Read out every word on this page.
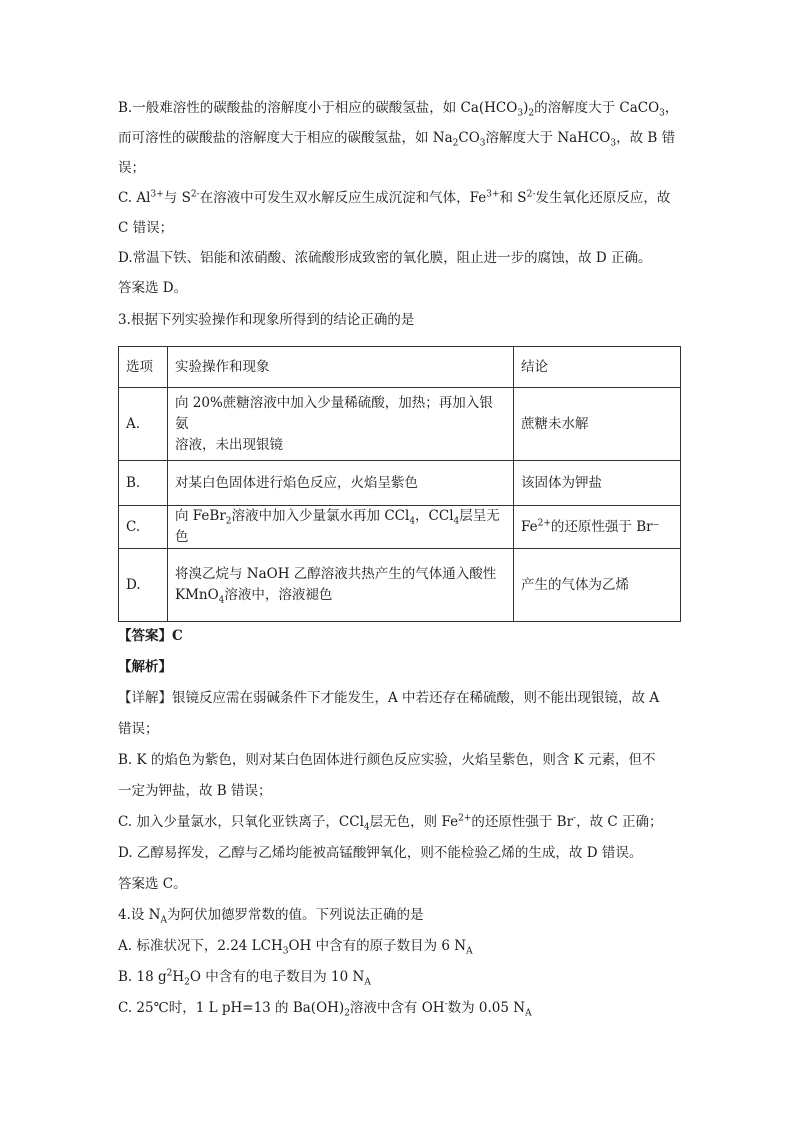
B.一般难溶性的碳酸盐的溶解度小于相应的碳酸氢盐，如 $Ca(HCO_3)_2$的溶解度大于 CaCO$_3$，
而可溶性的碳酸盐的溶解度大于相应的碳酸氢盐，如 $Na_2CO_3$溶解度大于 NaHCO$_3$，故 B 错
误；
C. $Al^{3+}$与 $S^{2-}$在溶液中可发生双水解反应生成沉淀和气体，$Fe^{3+}$和 $S^{2-}$发生氧化还原反应，故
C 错误；
D.常温下铁、铝能和浓硝酸、浓硫酸形成致密的氧化膜，阻止进一步的腐蚀，故 D 正确。
答案选 D。
3.根据下列实验操作和现象所得到的结论正确的是
选项	实验操作和现象	结论
A.	向 20%蔗糖溶液中加入少量稀硫酸，加热；再加入银氨
溶液，未出现银镜	蔗糖未水解
B.	对某白色固体进行焰色反应，火焰呈紫色	该固体为钾盐
C.	向 FeBr$_2$溶液中加入少量氯水再加 CCl$_4$，CCl$_4$层呈无色	$Fe^{2+}$的还原性强于 Br⁻
D.	将溴乙烷与 NaOH 乙醇溶液共热产生的气体通入酸性
KMnO$_4$溶液中，溶液褪色	产生的气体为乙烯
【答案】C
【解析】
【详解】银镜反应需在弱碱条件下才能发生，A 中若还存在稀硫酸，则不能出现银镜，故 A
错误；
B. K 的焰色为紫色，则对某白色固体进行颜色反应实验，火焰呈紫色，则含 K 元素，但不
一定为钾盐，故 B 错误；
C. 加入少量氯水，只氧化亚铁离子，CCl$_4$层无色，则 $Fe^{2+}$的还原性强于 Br-，故 C 正确；
D. 乙醇易挥发，乙醇与乙烯均能被高锰酸钾氧化，则不能检验乙烯的生成，故 D 错误。
答案选 C。
4.设 $N_A$为阿伏加德罗常数的值。下列说法正确的是
A. 标准状况下，2.24 $LCH_3OH$ 中含有的原子数目为 6 $N_A$
B. 18 $g^2H_2O$ 中含有的电子数目为 10 $N_A$
C. 25℃时，1 L pH=13 的 $Ba(OH)_2$溶液中含有 OH-数为 0.05 $N_A$
